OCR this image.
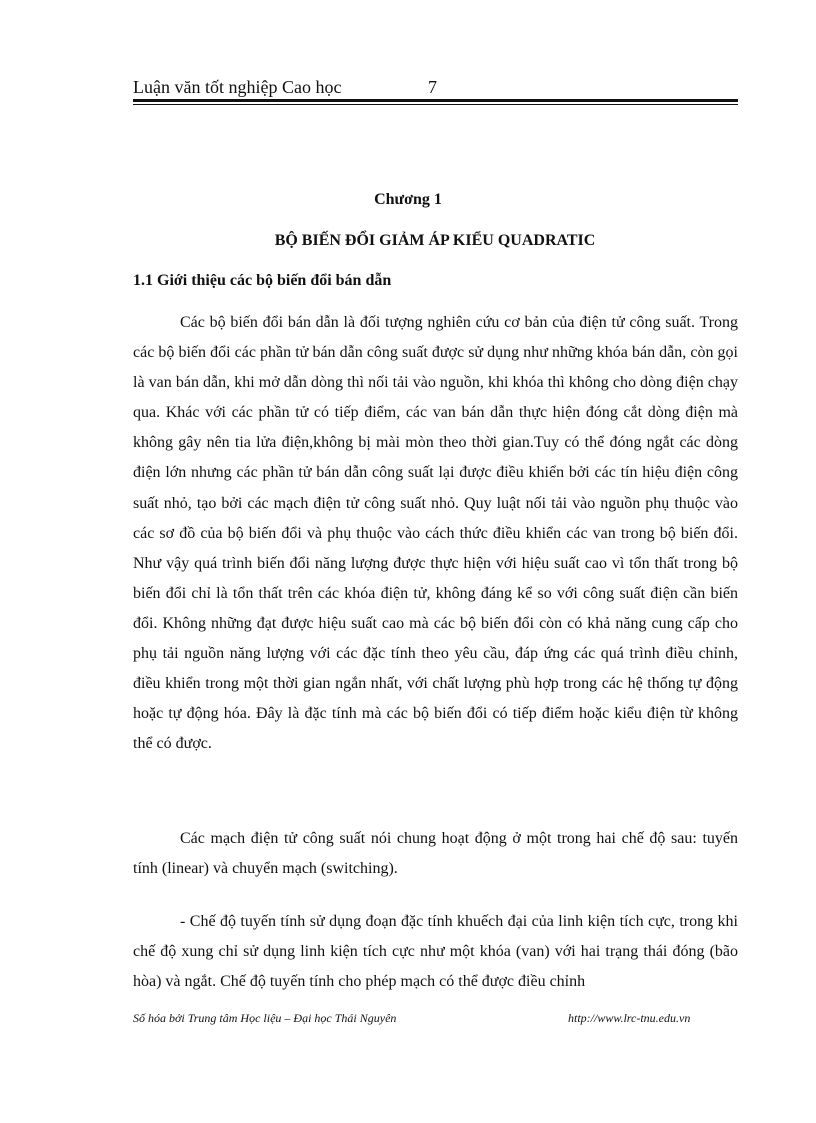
Luận văn tốt nghiệp Cao học	7
Chương 1
BỘ BIẾN ĐỔI GIẢM ÁP KIỂU QUADRATIC
1.1 Giới thiệu các bộ biến đổi bán dẫn

Các bộ biến đổi bán dẫn là đối tượng nghiên cứu cơ bản của điện tử công suất. Trong các bộ biến đổi các phần tử bán dẫn công suất được sử dụng như những khóa bán dẫn, còn gọi là van bán dẫn, khi mở dẫn dòng thì nối tải vào nguồn, khi khóa thì không cho dòng điện chạy qua. Khác với các phần tử có tiếp điểm, các van bán dẫn thực hiện đóng cắt dòng điện mà không gây nên tia lửa điện,không bị mài mòn theo thời gian.Tuy có thể đóng ngắt các dòng điện lớn nhưng các phần tử bán dẫn công suất lại được điều khiển bởi các tín hiệu điện công suất nhỏ, tạo bởi các mạch điện tử công suất nhỏ. Quy luật nối tải vào nguồn phụ thuộc vào các sơ đồ của bộ biến đổi và phụ thuộc vào cách thức điều khiển các van trong bộ biến đổi. Như vậy quá trình biến đổi năng lượng được thực hiện với hiệu suất cao vì tổn thất trong bộ biến đổi chỉ là tổn thất trên các khóa điện tử, không đáng kể so với công suất điện cần biến đổi. Không những đạt được hiệu suất cao mà các bộ biến đổi còn có khả năng cung cấp cho phụ tải nguồn năng lượng với các đặc tính theo yêu cầu, đáp ứng các quá trình điều chỉnh, điều khiển trong một thời gian ngắn nhất, với chất lượng phù hợp trong các hệ thống tự động hoặc tự động hóa. Đây là đặc tính mà các bộ biến đổi có tiếp điểm hoặc kiểu điện từ không thể có được.

Các mạch điện tử công suất nói chung hoạt động ở một trong hai chế độ sau: tuyến tính (linear) và chuyển mạch (switching).

- Chế độ tuyến tính sử dụng đoạn đặc tính khuếch đại của linh kiện tích cực, trong khi chế độ xung chỉ sử dụng linh kiện tích cực như một khóa (van) với hai trạng thái đóng (bão hòa) và ngắt. Chế độ tuyến tính cho phép mạch có thể được điều chỉnh

Số hóa bởi Trung tâm Học liệu – Đại học Thái Nguyên	http://www.lrc-tnu.edu.vn
